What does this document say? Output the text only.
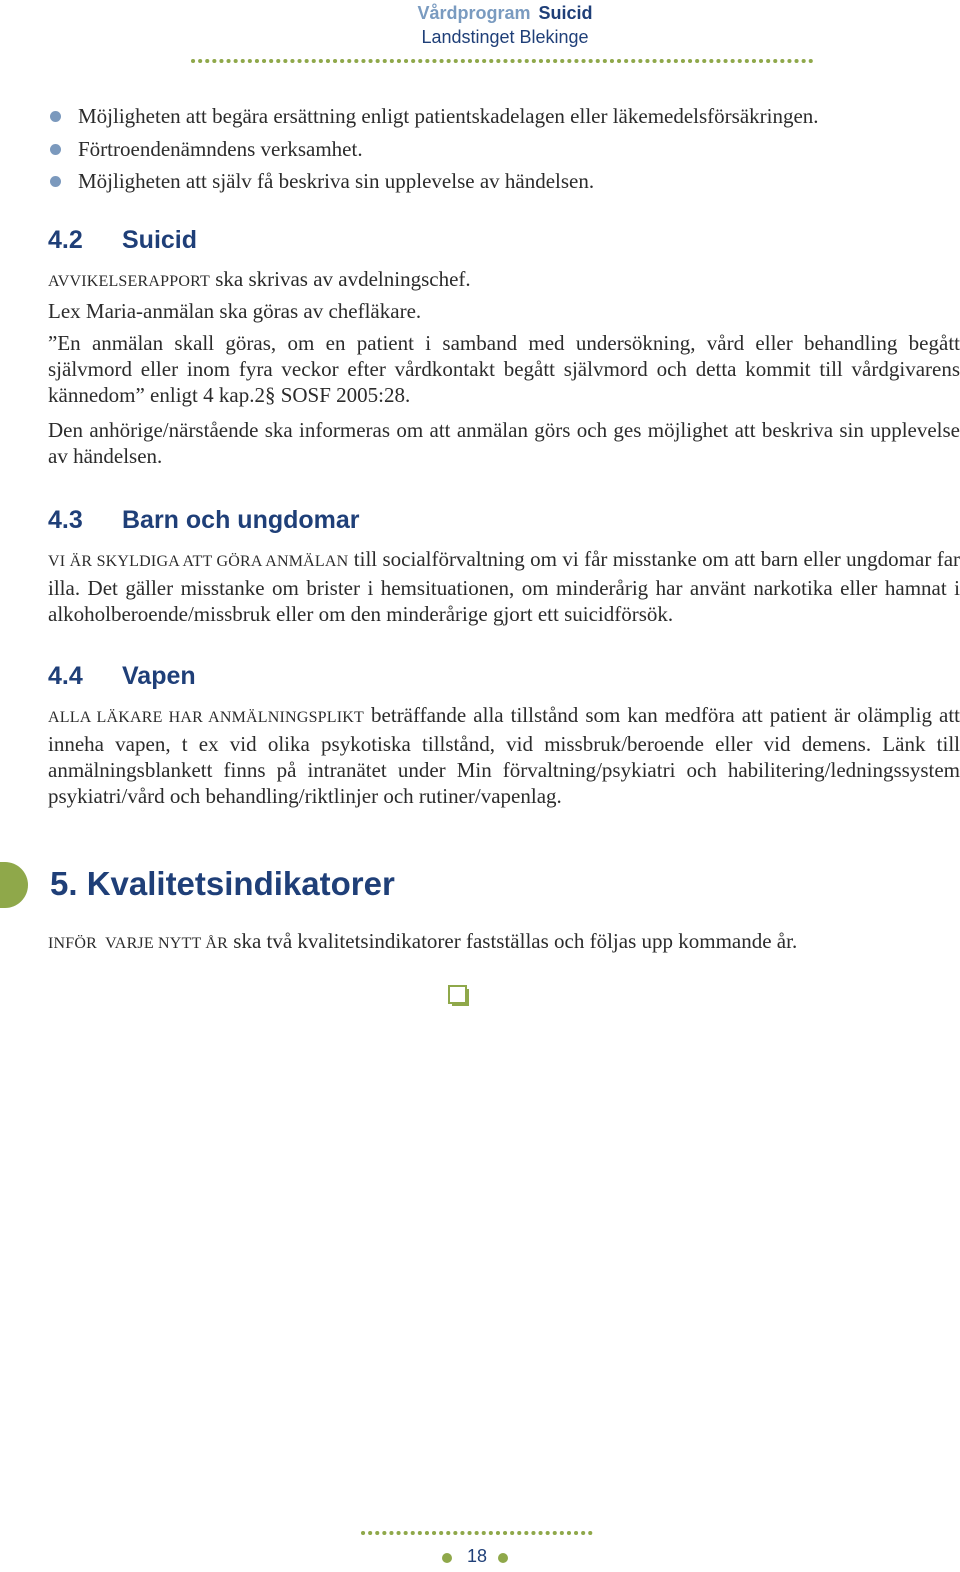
Vårdprogram Suicid
Landstinget Blekinge
Möjligheten att begära ersättning enligt patientskadelagen eller läkemedelsförsäkringen.
Förtroendenämndens verksamhet.
Möjligheten att själv få beskriva sin upplevelse av händelsen.
4.2 Suicid
AVVIKELSERAPPORT ska skrivas av avdelningschef.
Lex Maria-anmälan ska göras av chefläkare.
”En anmälan skall göras, om en patient i samband med undersökning, vård eller behandling begått självmord eller inom fyra veckor efter vårdkontakt begått självmord och detta kommit till vårdgivarens kännedom” enligt 4 kap.2§ SOSF 2005:28.
Den anhörige/närstående ska informeras om att anmälan görs och ges möjlighet att beskriva sin upplevelse av händelsen.
4.3 Barn och ungdomar
VI ÄR SKYLDIGA ATT GÖRA ANMÄLAN till socialförvaltning om vi får misstanke om att barn eller ungdomar far illa. Det gäller misstanke om brister i hemsituationen, om minderårig har använt narkotika eller hamnat i alkoholberoende/missbruk eller om den minderårige gjort ett suicidförsök.
4.4 Vapen
ALLA LÄKARE HAR ANMÄLNINGSPLIKT beträffande alla tillstånd som kan medföra att patient är olämplig att inneha vapen, t ex vid olika psykotiska tillstånd, vid missbruk/beroende eller vid demens. Länk till anmälningsblankett finns på intranätet under Min förvaltning/psykiatri och habilitering/ledningssystem psykiatri/vård och behandling/riktlinjer och rutiner/vapenlag.
5. Kvalitetsindikatorer
INFÖR  VARJE NYTT ÅR ska två kvalitetsindikatorer fastställas och följas upp kommande år.
18
